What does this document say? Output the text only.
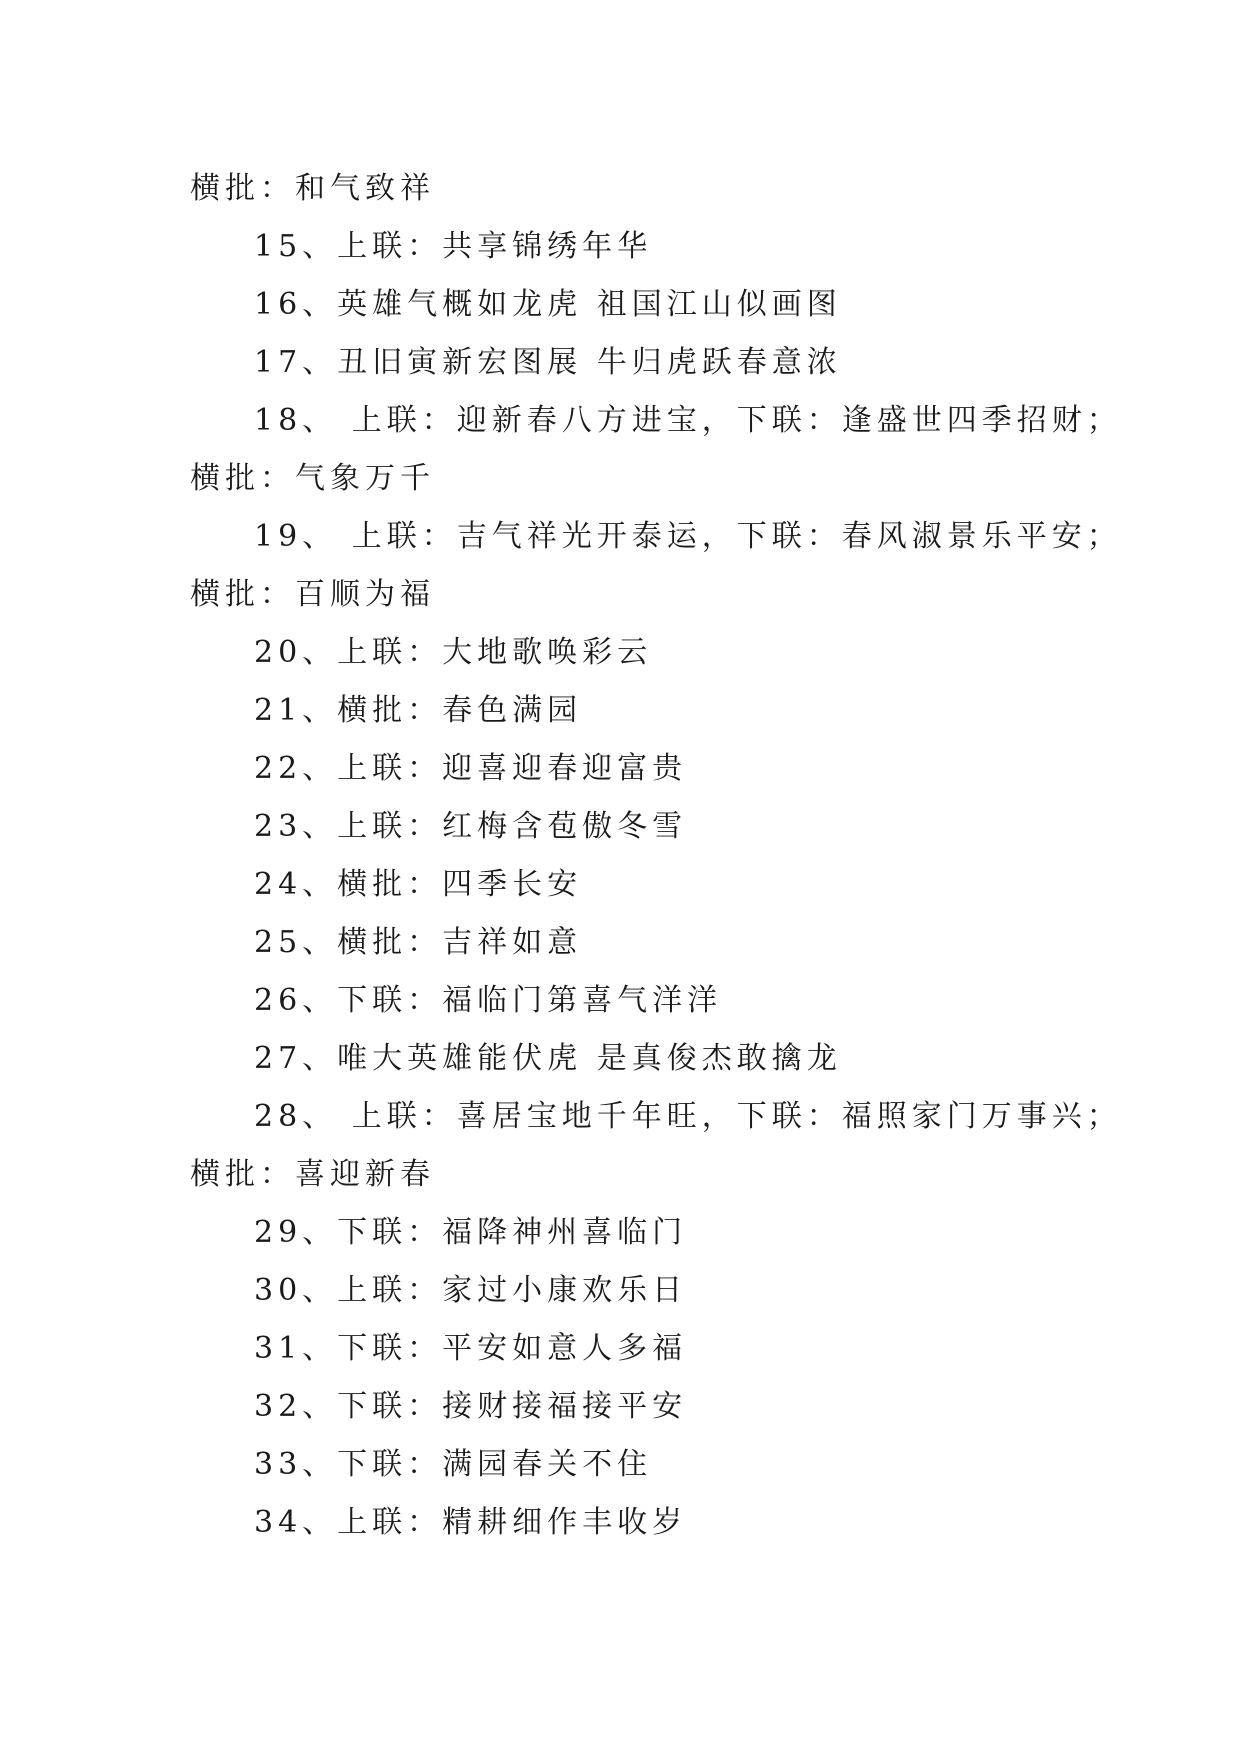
横批：和气致祥
15、上联：共享锦绣年华
16、英雄气概如龙虎 祖国江山似画图
17、丑旧寅新宏图展 牛归虎跃春意浓
18、 上联：迎新春八方进宝，下联：逢盛世四季招财；
横批：气象万千
19、 上联：吉气祥光开泰运，下联：春风淑景乐平安；
横批：百顺为福
20、上联：大地歌唤彩云
21、横批：春色满园
22、上联：迎喜迎春迎富贵
23、上联：红梅含苞傲冬雪
24、横批：四季长安
25、横批：吉祥如意
26、下联：福临门第喜气洋洋
27、唯大英雄能伏虎 是真俊杰敢擒龙
28、 上联：喜居宝地千年旺，下联：福照家门万事兴；
横批：喜迎新春
29、下联：福降神州喜临门
30、上联：家过小康欢乐日
31、下联：平安如意人多福
32、下联：接财接福接平安
33、下联：满园春关不住
34、上联：精耕细作丰收岁
